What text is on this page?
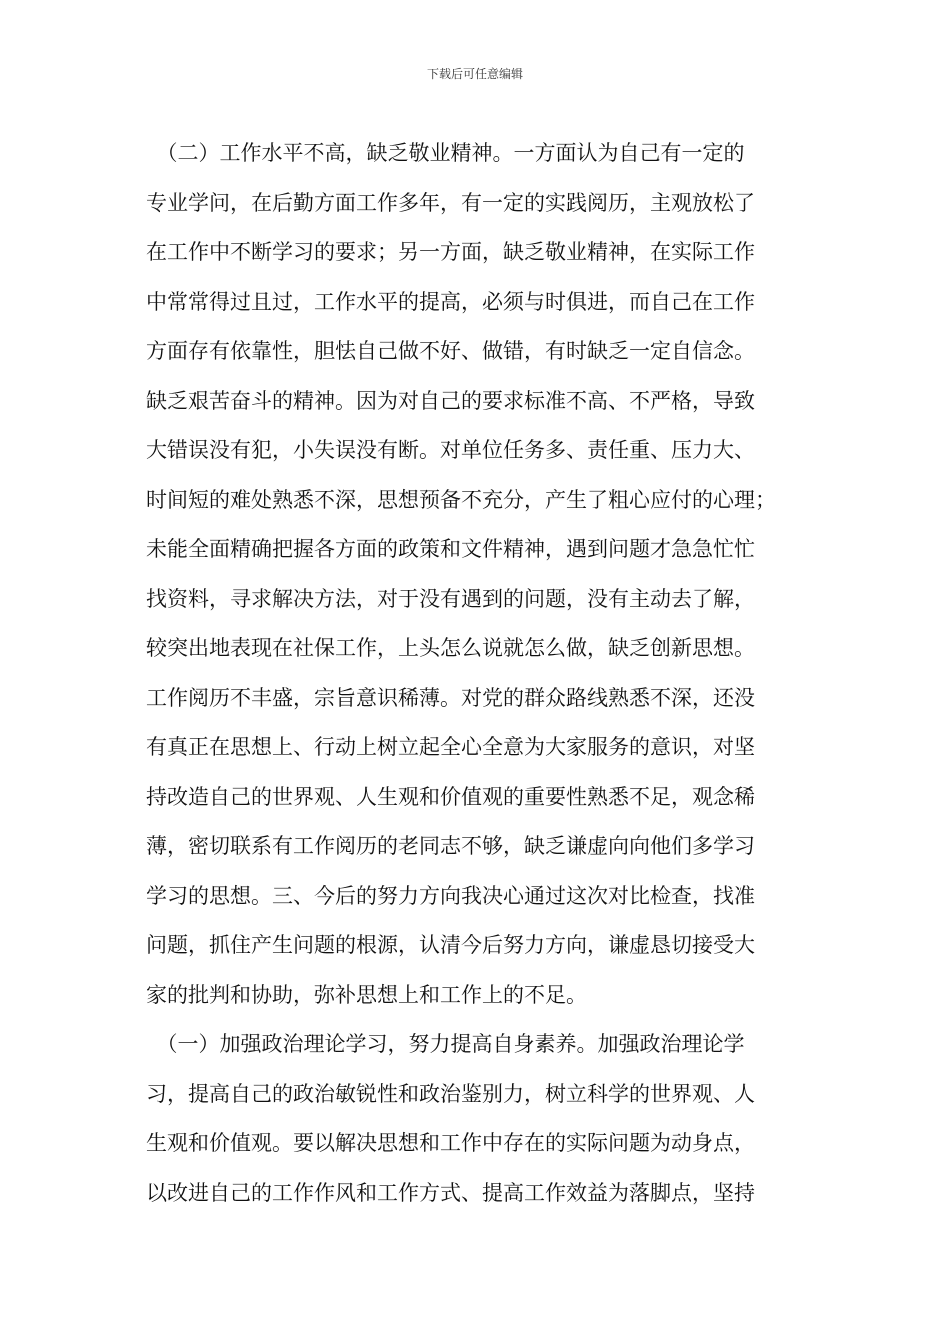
下载后可任意编辑
　（二）工作水平不高，缺乏敬业精神。一方面认为自己有一定的
专业学问，在后勤方面工作多年，有一定的实践阅历，主观放松了
在工作中不断学习的要求；另一方面，缺乏敬业精神，在实际工作
中常常得过且过，工作水平的提高，必须与时俱进，而自己在工作
方面存有依靠性，胆怯自己做不好、做错，有时缺乏一定自信念。
缺乏艰苦奋斗的精神。因为对自己的要求标准不高、不严格，导致
大错误没有犯，小失误没有断。对单位任务多、责任重、压力大、
时间短的难处熟悉不深，思想预备不充分，产生了粗心应付的心理；
未能全面精确把握各方面的政策和文件精神，遇到问题才急急忙忙
找资料，寻求解决方法，对于没有遇到的问题，没有主动去了解，
较突出地表现在社保工作，上头怎么说就怎么做，缺乏创新思想。
工作阅历不丰盛，宗旨意识稀薄。对党的群众路线熟悉不深，还没
有真正在思想上、行动上树立起全心全意为大家服务的意识，对坚
持改造自己的世界观、人生观和价值观的重要性熟悉不足，观念稀
薄，密切联系有工作阅历的老同志不够，缺乏谦虚向向他们多学习
学习的思想。三、今后的努力方向我决心通过这次对比检查，找准
问题，抓住产生问题的根源，认清今后努力方向，谦虚恳切接受大
家的批判和协助，弥补思想上和工作上的不足。
　（一）加强政治理论学习，努力提高自身素养。加强政治理论学
习，提高自己的政治敏锐性和政治鉴别力，树立科学的世界观、人
生观和价值观。要以解决思想和工作中存在的实际问题为动身点，
以改进自己的工作作风和工作方式、提高工作效益为落脚点，坚持
